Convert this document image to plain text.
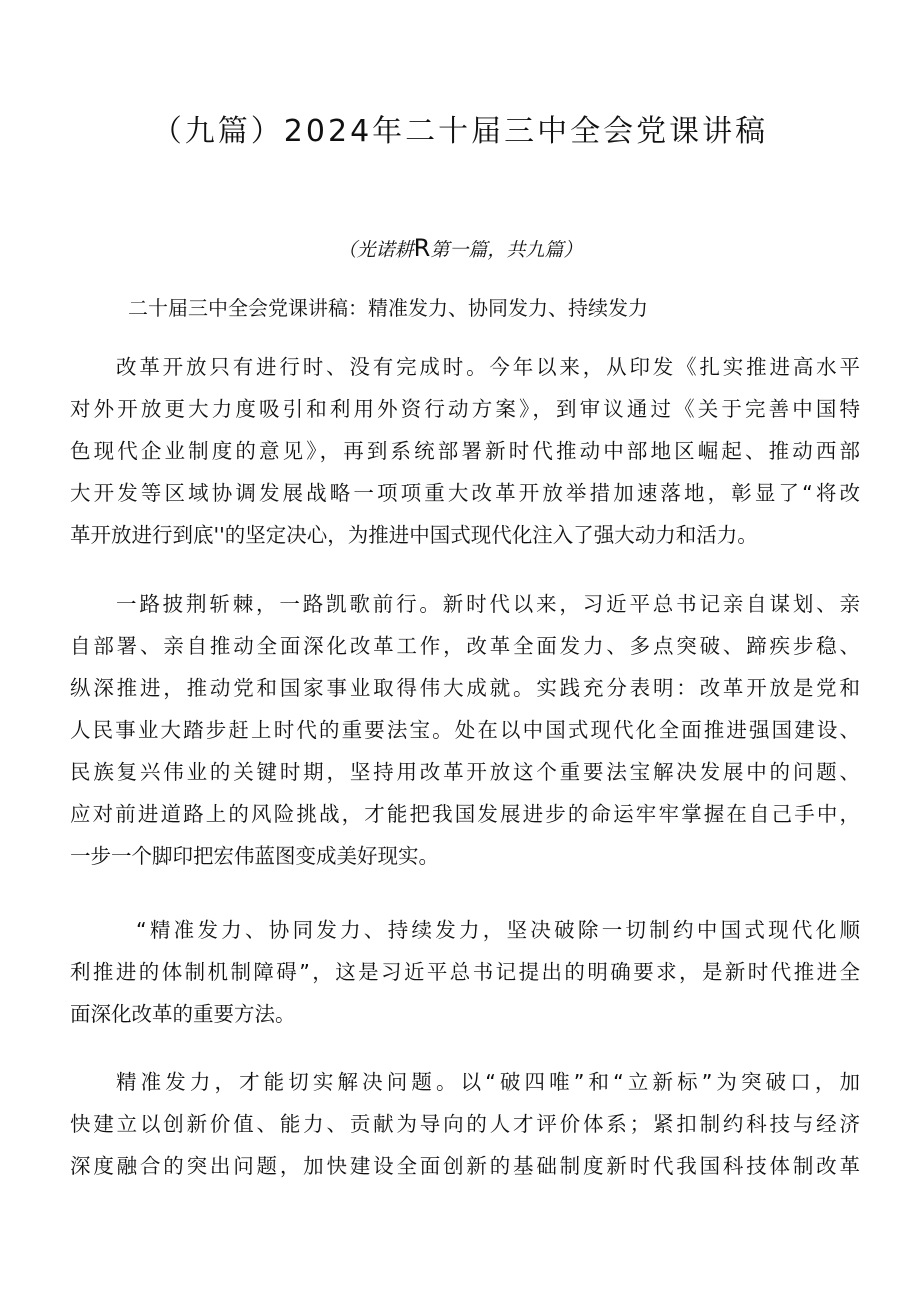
（九篇）2024年二十届三中全会党课讲稿
（光诺耕R第一篇，共九篇）
二十届三中全会党课讲稿：精准发力、协同发力、持续发力
改革开放只有进行时、没有完成时。今年以来，从印发《扎实推进高水平
对外开放更大力度吸引和利用外资行动方案》，到审议通过《关于完善中国特
色现代企业制度的意见》，再到系统部署新时代推动中部地区崛起、推动西部
大开发等区域协调发展战略一项项重大改革开放举措加速落地，彰显了“将改
革开放进行到底''的坚定决心，为推进中国式现代化注入了强大动力和活力。
一路披荆斩棘，一路凯歌前行。新时代以来，习近平总书记亲自谋划、亲
自部署、亲自推动全面深化改革工作，改革全面发力、多点突破、蹄疾步稳、
纵深推进，推动党和国家事业取得伟大成就。实践充分表明：改革开放是党和
人民事业大踏步赶上时代的重要法宝。处在以中国式现代化全面推进强国建设、
民族复兴伟业的关键时期，坚持用改革开放这个重要法宝解决发展中的问题、
应对前进道路上的风险挑战，才能把我国发展进步的命运牢牢掌握在自己手中，
一步一个脚印把宏伟蓝图变成美好现实。
“精准发力、协同发力、持续发力，坚决破除一切制约中国式现代化顺
利推进的体制机制障碍”，这是习近平总书记提出的明确要求，是新时代推进全
面深化改革的重要方法。
精准发力，才能切实解决问题。以“破四唯”和“立新标”为突破口，加
快建立以创新价值、能力、贡献为导向的人才评价体系；紧扣制约科技与经济
深度融合的突出问题，加快建设全面创新的基础制度新时代我国科技体制改革
